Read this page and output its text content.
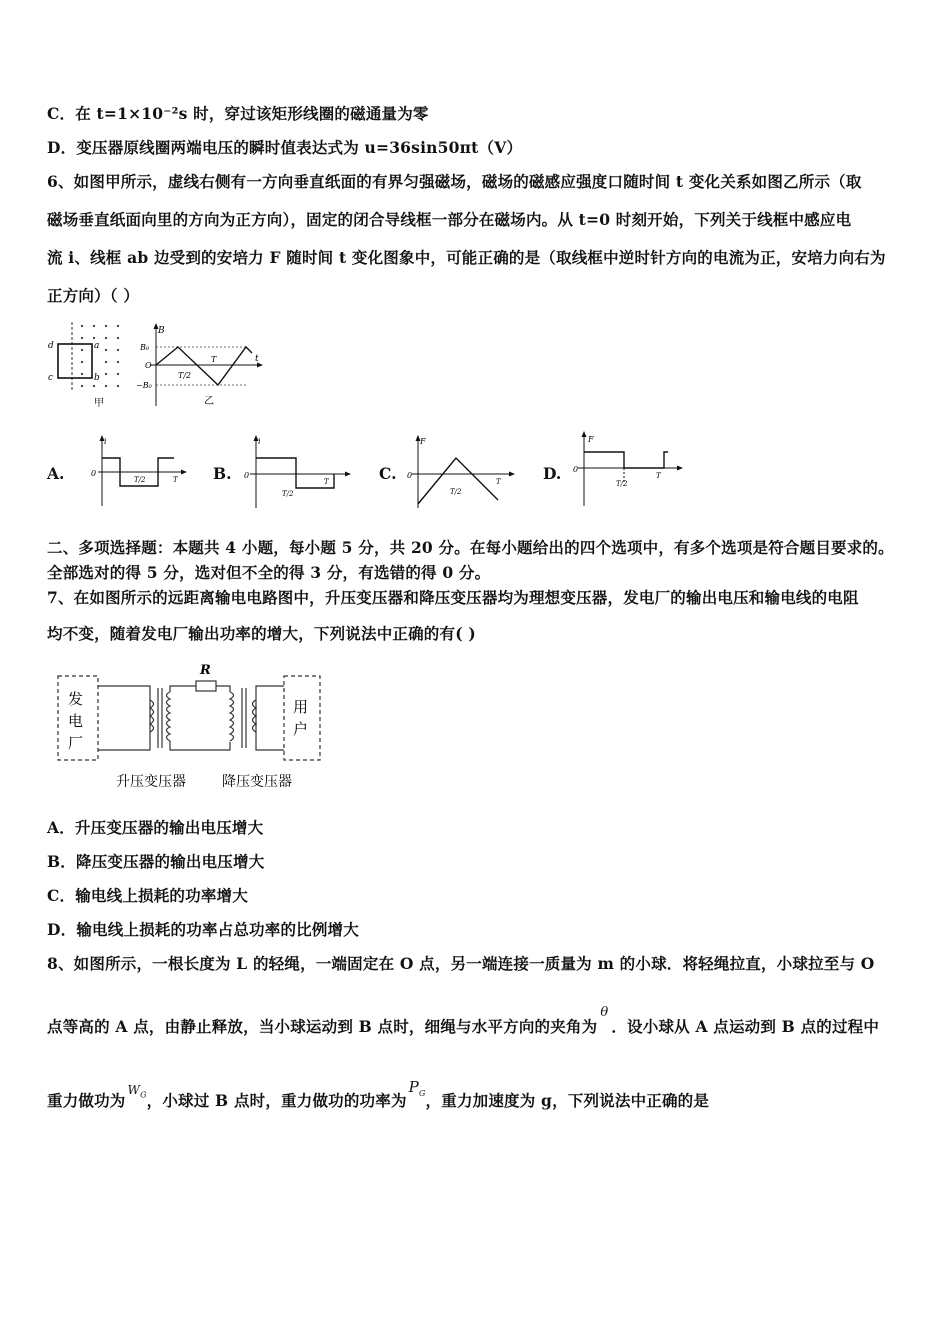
C．在 t=1×10⁻²s 时，穿过该矩形线圈的磁通量为零
D．变压器原线圈两端电压的瞬时值表达式为 u=36sin50πt（V）
6、如图甲所示，虚线右侧有一方向垂直纸面的有界匀强磁场，磁场的磁感应强度口随时间 t 变化关系如图乙所示（取
磁场垂直纸面向里的方向为正方向），固定的闭合导线框一部分在磁场内。从 t=0 时刻开始，下列关于线框中感应电
流 i、线框 ab 边受到的安培力 F 随时间 t 变化图象中，可能正确的是（取线框中逆时针方向的电流为正，安培力向右为
正方向）（ ）
d	a
c	b
甲
B
t
B₀
O
−B₀
T/2
T
乙
A.	B.	C.	D.
i
0
T/2	T
i
0
T/2
T
F
0
T/2
T
F
0
T/2
T
二、多项选择题：本题共 4 小题，每小题 5 分，共 20 分。在每小题给出的四个选项中，有多个选项是符合题目要求的。
全部选对的得 5 分，选对但不全的得 3 分，有选错的得 0 分。
7、在如图所示的远距离输电电路图中，升压变压器和降压变压器均为理想变压器，发电厂的输出电压和输电线的电阻
均不变，随着发电厂输出功率的增大，下列说法中正确的有( )
发
电
厂
用
户
R
升压变压器	降压变压器
A．升压变压器的输出电压增大
B．降压变压器的输出电压增大
C．输电线上损耗的功率增大
D．输电线上损耗的功率占总功率的比例增大
8、如图所示，一根长度为 L 的轻绳，一端固定在 O 点，另一端连接一质量为 m 的小球．将轻绳拉直，小球拉至与 O
点等高的 A 点，由静止释放，当小球运动到 B 点时，细绳与水平方向的夹角为$^\theta$．设小球从 A 点运动到 B 点的过程中
重力做功为$^{W_G}$，小球过 B 点时，重力做功的功率为$P_G$，重力加速度为 g，下列说法中正确的是
